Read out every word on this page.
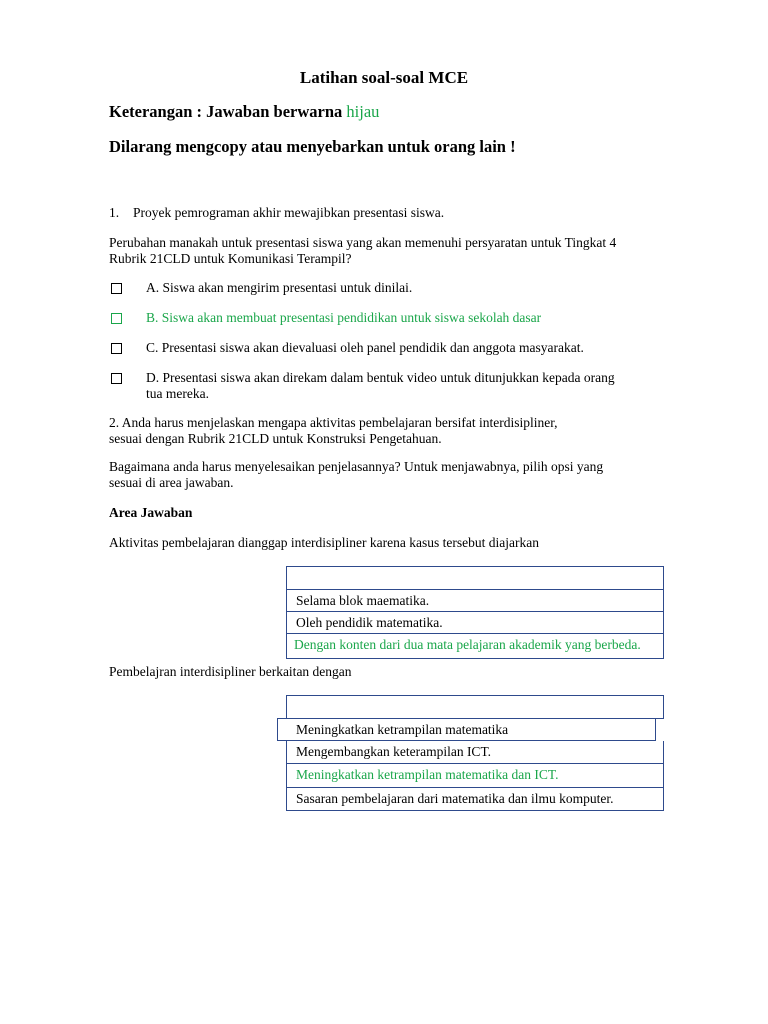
Latihan soal-soal MCE
Keterangan : Jawaban berwarna hijau
Dilarang mengcopy atau menyebarkan untuk orang lain !
1. Proyek pemrograman akhir mewajibkan presentasi siswa.
Perubahan manakah untuk presentasi siswa yang akan memenuhi persyaratan untuk Tingkat 4
Rubrik 21CLD untuk Komunikasi Terampil?
A. Siswa akan mengirim presentasi untuk dinilai.
B. Siswa akan membuat presentasi pendidikan untuk siswa sekolah dasar
C. Presentasi siswa akan dievaluasi oleh panel pendidik dan anggota masyarakat.
D. Presentasi siswa akan direkam dalam bentuk video untuk ditunjukkan kepada orang
tua mereka.
2. Anda harus menjelaskan mengapa aktivitas pembelajaran bersifat interdisipliner,
sesuai dengan Rubrik 21CLD untuk Konstruksi Pengetahuan.
Bagaimana anda harus menyelesaikan penjelasannya? Untuk menjawabnya, pilih opsi yang
sesuai di area jawaban.
Area Jawaban
Aktivitas pembelajaran dianggap interdisipliner karena kasus tersebut diajarkan
Selama blok maematika.
Oleh pendidik matematika.
Dengan konten dari dua mata pelajaran akademik yang berbeda.
Pembelajran interdisipliner berkaitan dengan
Meningkatkan ketrampilan matematika
Mengembangkan keterampilan ICT.
Meningkatkan ketrampilan matematika dan ICT.
Sasaran pembelajaran dari matematika dan ilmu komputer.
